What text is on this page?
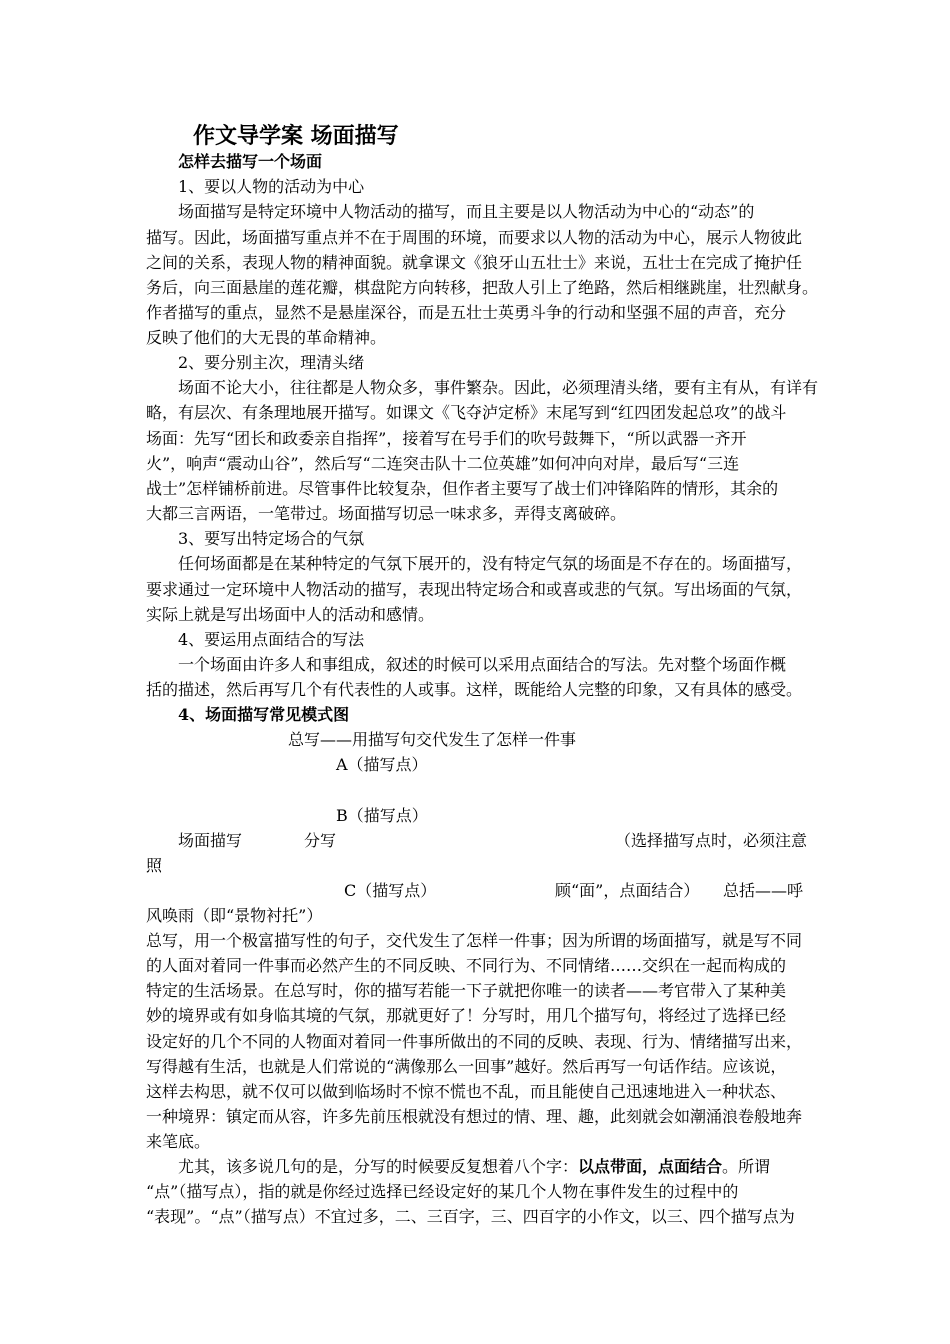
作文导学案 场面描写
怎样去描写一个场面
1、要以人物的活动为中心
场面描写是特定环境中人物活动的描写，而且主要是以人物活动为中心的“动态”的
描写。因此，场面描写重点并不在于周围的环境，而要求以人物的活动为中心，展示人物彼此
之间的关系，表现人物的精神面貌。就拿课文《狼牙山五壮士》来说，五壮士在完成了掩护任
务后，向三面悬崖的莲花瓣，棋盘陀方向转移，把敌人引上了绝路，然后相继跳崖，壮烈献身。
作者描写的重点，显然不是悬崖深谷，而是五壮士英勇斗争的行动和坚强不屈的声音，充分
反映了他们的大无畏的革命精神。
2、要分别主次，理清头绪
场面不论大小，往往都是人物众多，事件繁杂。因此，必须理清头绪，要有主有从，有详有
略，有层次、有条理地展开描写。如课文《飞夺泸定桥》末尾写到“红四团发起总攻”的战斗
场面：先写“团长和政委亲自指挥”，接着写在号手们的吹号鼓舞下，“所以武器一齐开
火”，响声“震动山谷”，然后写“二连突击队十二位英雄”如何冲向对岸，最后写“三连
战士”怎样铺桥前进。尽管事件比较复杂，但作者主要写了战士们冲锋陷阵的情形，其余的
大都三言两语，一笔带过。场面描写切忌一味求多，弄得支离破碎。
3、要写出特定场合的气氛
任何场面都是在某种特定的气氛下展开的，没有特定气氛的场面是不存在的。场面描写，
要求通过一定环境中人物活动的描写，表现出特定场合和或喜或悲的气氛。写出场面的气氛，
实际上就是写出场面中人的活动和感情。
4、要运用点面结合的写法
一个场面由许多人和事组成，叙述的时候可以采用点面结合的写法。先对整个场面作概
括的描述，然后再写几个有代表性的人或事。这样，既能给人完整的印象，又有具体的感受。
4、场面描写常见模式图
总写——用描写句交代发生了怎样一件事
A（描写点）
B（描写点）
场面描写	分写	（选择描写点时，必须注意
照
C（描写点）	顾“面”，点面结合） 总括——呼
风唤雨（即“景物衬托”）
总写，用一个极富描写性的句子，交代发生了怎样一件事；因为所谓的场面描写，就是写不同
的人面对着同一件事而必然产生的不同反映、不同行为、不同情绪……交织在一起而构成的
特定的生活场景。在总写时，你的描写若能一下子就把你唯一的读者——考官带入了某种美
妙的境界或有如身临其境的气氛，那就更好了！分写时，用几个描写句，将经过了选择已经
设定好的几个不同的人物面对着同一件事所做出的不同的反映、表现、行为、情绪描写出来，
写得越有生活，也就是人们常说的“满像那么一回事”越好。然后再写一句话作结。应该说，
这样去构思，就不仅可以做到临场时不惊不慌也不乱，而且能使自己迅速地进入一种状态、
一种境界：镇定而从容，许多先前压根就没有想过的情、理、趣，此刻就会如潮涌浪卷般地奔
来笔底。
尤其，该多说几句的是，分写的时候要反复想着八个字：以点带面，点面结合。所谓
“点”（描写点），指的就是你经过选择已经设定好的某几个人物在事件发生的过程中的
“表现”。“点”（描写点）不宜过多，二、三百字，三、四百字的小作文，以三、四个描写点为
